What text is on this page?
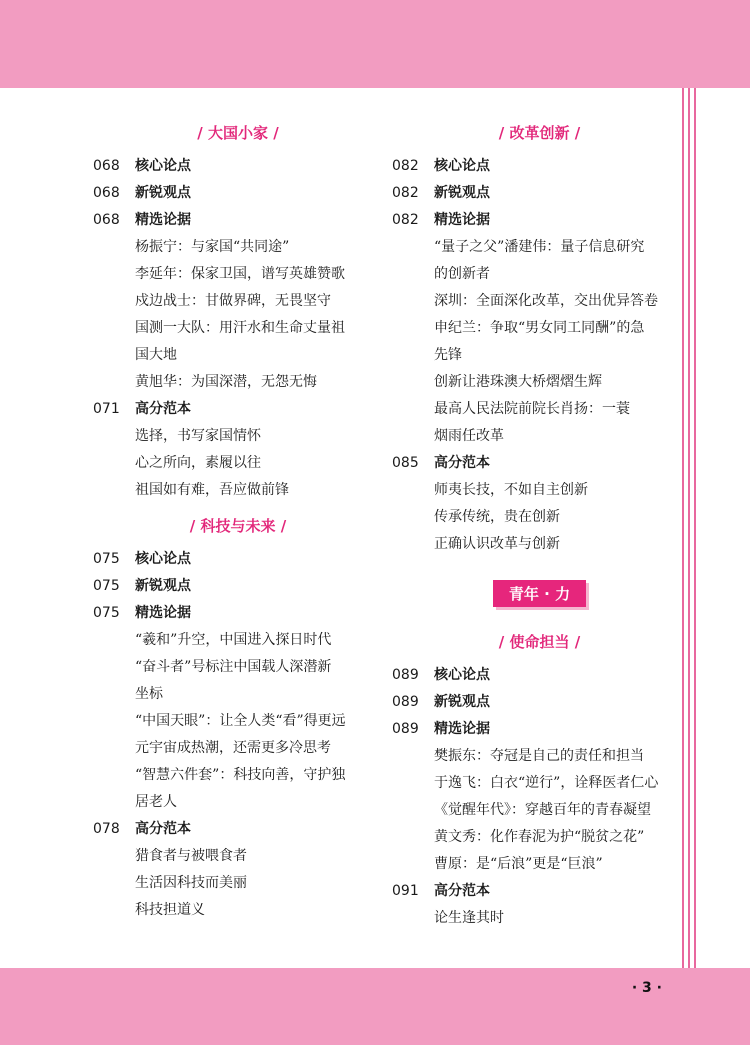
/ 大国小家 /
068	核心论点
068	新锐观点
068	精选论据
杨振宁：与家国“共同途”
李延年：保家卫国，谱写英雄赞歌
戍边战士：甘做界碑，无畏坚守
国测一大队：用汗水和生命丈量祖
国大地
黄旭华：为国深潜，无怨无悔
071	高分范本
选择，书写家国情怀
心之所向，素履以往
祖国如有难，吾应做前锋
/ 科技与未来 /
075	核心论点
075	新锐观点
075	精选论据
“羲和”升空，中国进入探日时代
“奋斗者”号标注中国载人深潜新
坐标
“中国天眼”：让全人类“看”得更远
元宇宙成热潮，还需更多冷思考
“智慧六件套”：科技向善，守护独
居老人
078	高分范本
猎食者与被喂食者
生活因科技而美丽
科技担道义
/ 改革创新 /
082	核心论点
082	新锐观点
082	精选论据
“量子之父”潘建伟：量子信息研究
的创新者
深圳：全面深化改革，交出优异答卷
申纪兰：争取“男女同工同酬”的急
先锋
创新让港珠澳大桥熠熠生辉
最高人民法院前院长肖扬：一蓑
烟雨任改革
085	高分范本
师夷长技，不如自主创新
传承传统，贵在创新
正确认识改革与创新
青年 · 力
/ 使命担当 /
089	核心论点
089	新锐观点
089	精选论据
樊振东：夺冠是自己的责任和担当
于逸飞：白衣“逆行”，诠释医者仁心
《觉醒年代》：穿越百年的青春凝望
黄文秀：化作春泥为护“脱贫之花”
曹原：是“后浪”更是“巨浪”
091	高分范本
论生逢其时
· 3 ·
